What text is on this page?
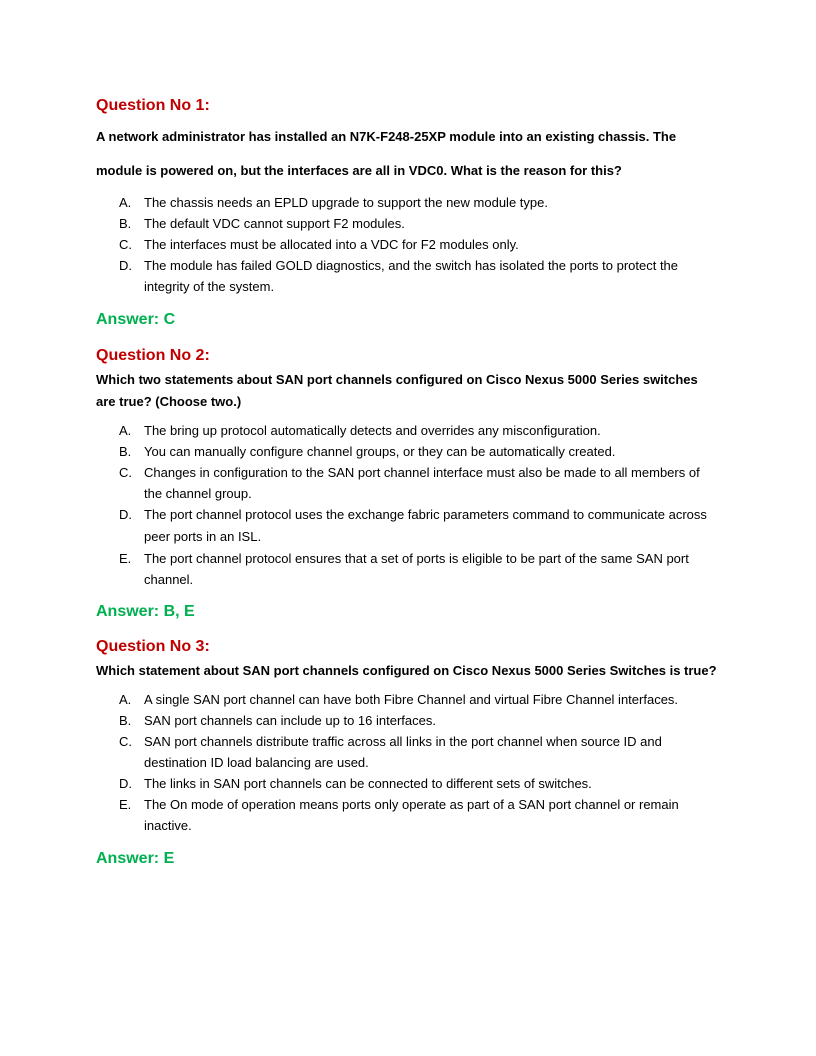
Question No 1:

A network administrator has installed an N7K-F248-25XP module into an existing chassis. The module is powered on, but the interfaces are all in VDC0. What is the reason for this?

A. The chassis needs an EPLD upgrade to support the new module type.
B. The default VDC cannot support F2 modules.
C. The interfaces must be allocated into a VDC for F2 modules only.
D. The module has failed GOLD diagnostics, and the switch has isolated the ports to protect the integrity of the system.
Answer: C
Question No 2:

Which two statements about SAN port channels configured on Cisco Nexus 5000 Series switches are true? (Choose two.)

A. The bring up protocol automatically detects and overrides any misconfiguration.
B. You can manually configure channel groups, or they can be automatically created.
C. Changes in configuration to the SAN port channel interface must also be made to all members of the channel group.
D. The port channel protocol uses the exchange fabric parameters command to communicate across peer ports in an ISL.
E. The port channel protocol ensures that a set of ports is eligible to be part of the same SAN port channel.
Answer: B, E
Question No 3:

Which statement about SAN port channels configured on Cisco Nexus 5000 Series Switches is true?

A. A single SAN port channel can have both Fibre Channel and virtual Fibre Channel interfaces.
B. SAN port channels can include up to 16 interfaces.
C. SAN port channels distribute traffic across all links in the port channel when source ID and destination ID load balancing are used.
D. The links in SAN port channels can be connected to different sets of switches.
E. The On mode of operation means ports only operate as part of a SAN port channel or remain inactive.
Answer: E
